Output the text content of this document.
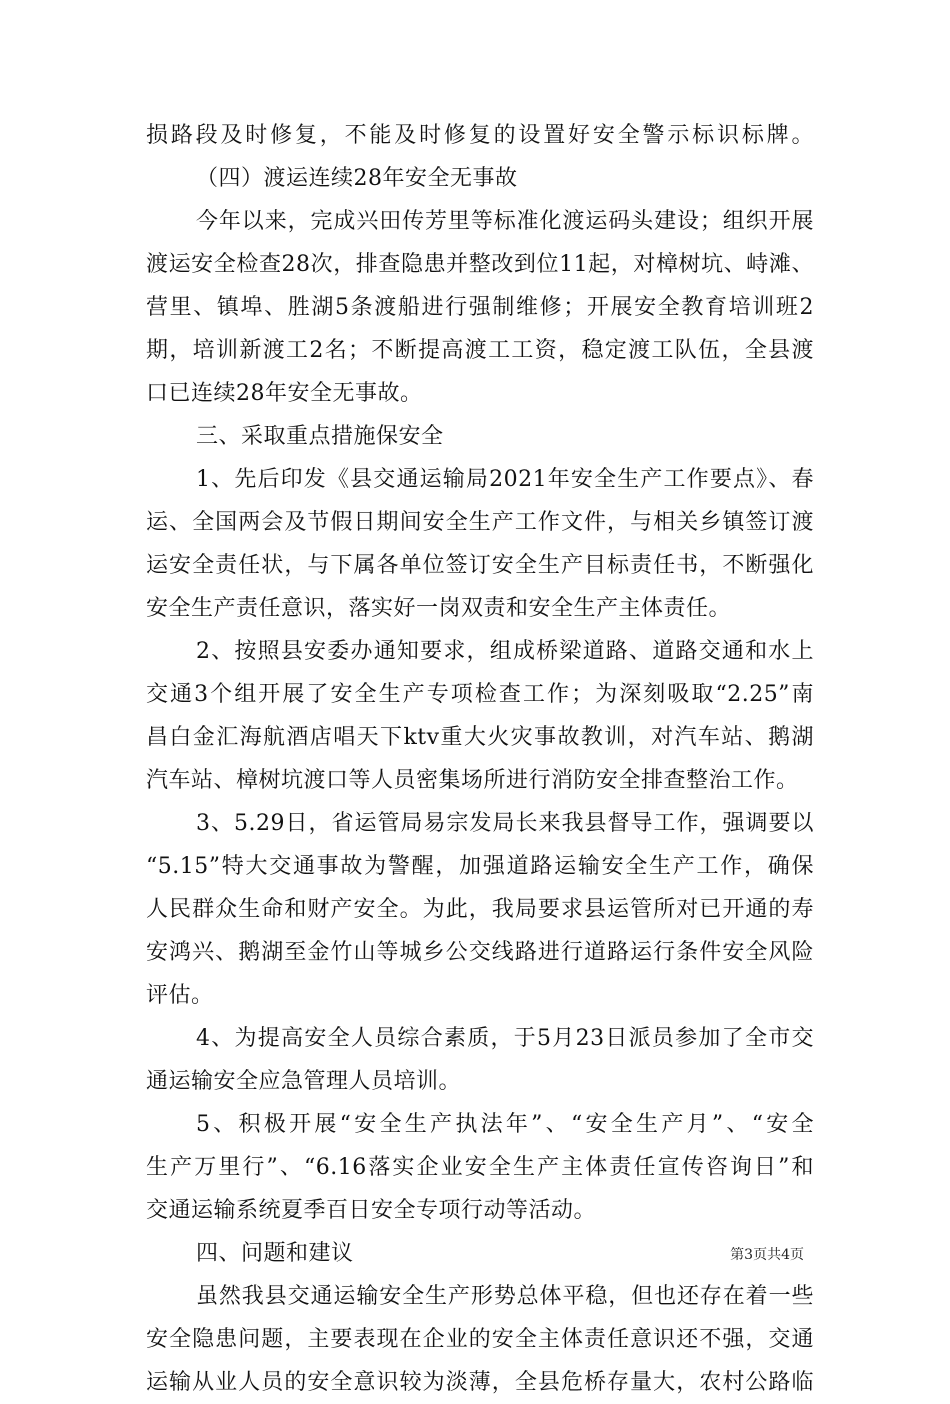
损路段及时修复，不能及时修复的设置好安全警示标识标牌。
（四）渡运连续28年安全无事故
今年以来，完成兴田传芳里等标准化渡运码头建设；组织开展
渡运安全检查28次，排查隐患并整改到位11起，对樟树坑、峙滩、
营里、镇埠、胜湖5条渡船进行强制维修；开展安全教育培训班2
期，培训新渡工2名；不断提高渡工工资，稳定渡工队伍，全县渡
口已连续28年安全无事故。
三、采取重点措施保安全
1、先后印发《县交通运输局2021年安全生产工作要点》、春
运、全国两会及节假日期间安全生产工作文件，与相关乡镇签订渡
运安全责任状，与下属各单位签订安全生产目标责任书，不断强化
安全生产责任意识，落实好一岗双责和安全生产主体责任。
2、按照县安委办通知要求，组成桥梁道路、道路交通和水上
交通3个组开展了安全生产专项检查工作；为深刻吸取“2.25”南
昌白金汇海航酒店唱天下ktv重大火灾事故教训，对汽车站、鹅湖
汽车站、樟树坑渡口等人员密集场所进行消防安全排查整治工作。
3、5.29日，省运管局易宗发局长来我县督导工作，强调要以
“5.15”特大交通事故为警醒，加强道路运输安全生产工作，确保
人民群众生命和财产安全。为此，我局要求县运管所对已开通的寿
安鸿兴、鹅湖至金竹山等城乡公交线路进行道路运行条件安全风险
评估。
4、为提高安全人员综合素质，于5月23日派员参加了全市交
通运输安全应急管理人员培训。
5、积极开展“安全生产执法年”、“安全生产月”、“安全
生产万里行”、“6.16落实企业安全生产主体责任宣传咨询日”和
交通运输系统夏季百日安全专项行动等活动。
四、问题和建议
虽然我县交通运输安全生产形势总体平稳，但也还存在着一些
安全隐患问题，主要表现在企业的安全主体责任意识还不强，交通
运输从业人员的安全意识较为淡薄，全县危桥存量大，农村公路临
第3页共4页
